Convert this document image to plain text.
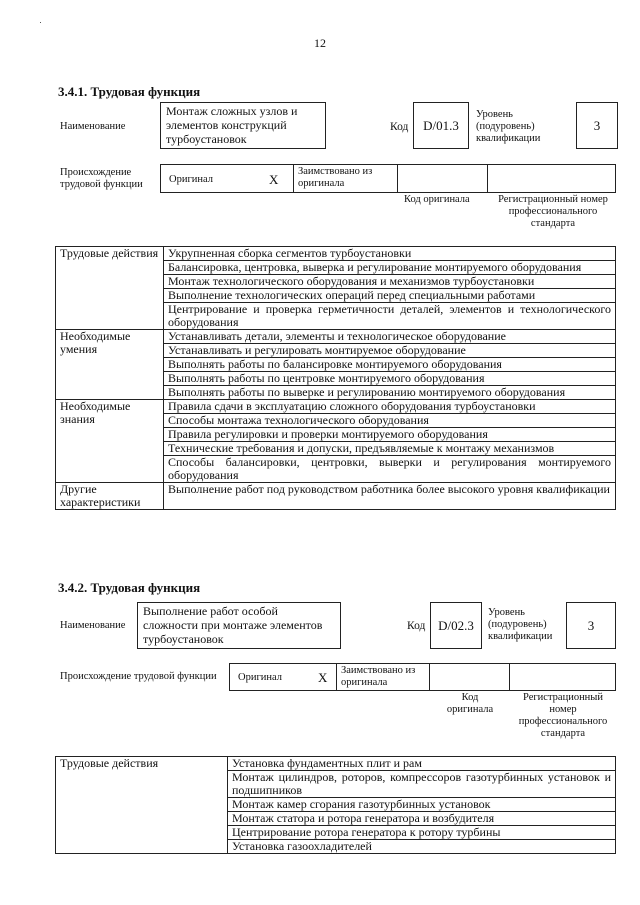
12
3.4.1. Трудовая функция
Наименование
Монтаж сложных узлов и элементов конструкций турбоустановок
Код	D/01.3
Уровень (подуровень) квалификации
3
Происхождение трудовой функции	Оригинал	X
Заимствовано из оригинала
Код оригинала	Регистрационный номер профессионального стандарта
Трудовые действия	Укрупненная сборка сегментов турбоустановки
	Балансировка, центровка, выверка и регулирование монтируемого оборудования
	Монтаж технологического оборудования и механизмов турбоустановки
	Выполнение технологических операций перед специальными работами
	Центрирование и проверка герметичности деталей, элементов и технологического оборудования
Необходимые умения	Устанавливать детали, элементы и технологическое оборудование
	Устанавливать и регулировать монтируемое оборудование
	Выполнять работы по балансировке монтируемого оборудования
	Выполнять работы по центровке монтируемого оборудования
	Выполнять работы по выверке и регулированию монтируемого оборудования
Необходимые знания	Правила сдачи в эксплуатацию сложного оборудования турбоустановки
	Способы монтажа технологического оборудования
	Правила регулировки и проверки монтируемого оборудования
	Технические требования и допуски, предъявляемые к монтажу механизмов
	Способы балансировки, центровки, выверки и регулирования монтируемого оборудования
Другие характеристики	Выполнение работ под руководством работника более высокого уровня квалификации
3.4.2. Трудовая функция
Наименование
Выполнение работ особой сложности при монтаже элементов турбоустановок
Код D/02.3
Уровень (подуровень) квалификации
3
Происхождение трудовой функции Оригинал	X Заимствовано из оригинала
Код оригинала
Регистрационный номер профессионального стандарта
Трудовые действия	Установка фундаментных плит и рам
Монтаж цилиндров, роторов, компрессоров газотурбинных установок и подшипников
Монтаж камер сгорания газотурбинных установок
Монтаж статора и ротора генератора и возбудителя
Центрирование ротора генератора к ротору турбины
Установка газоохладителей
